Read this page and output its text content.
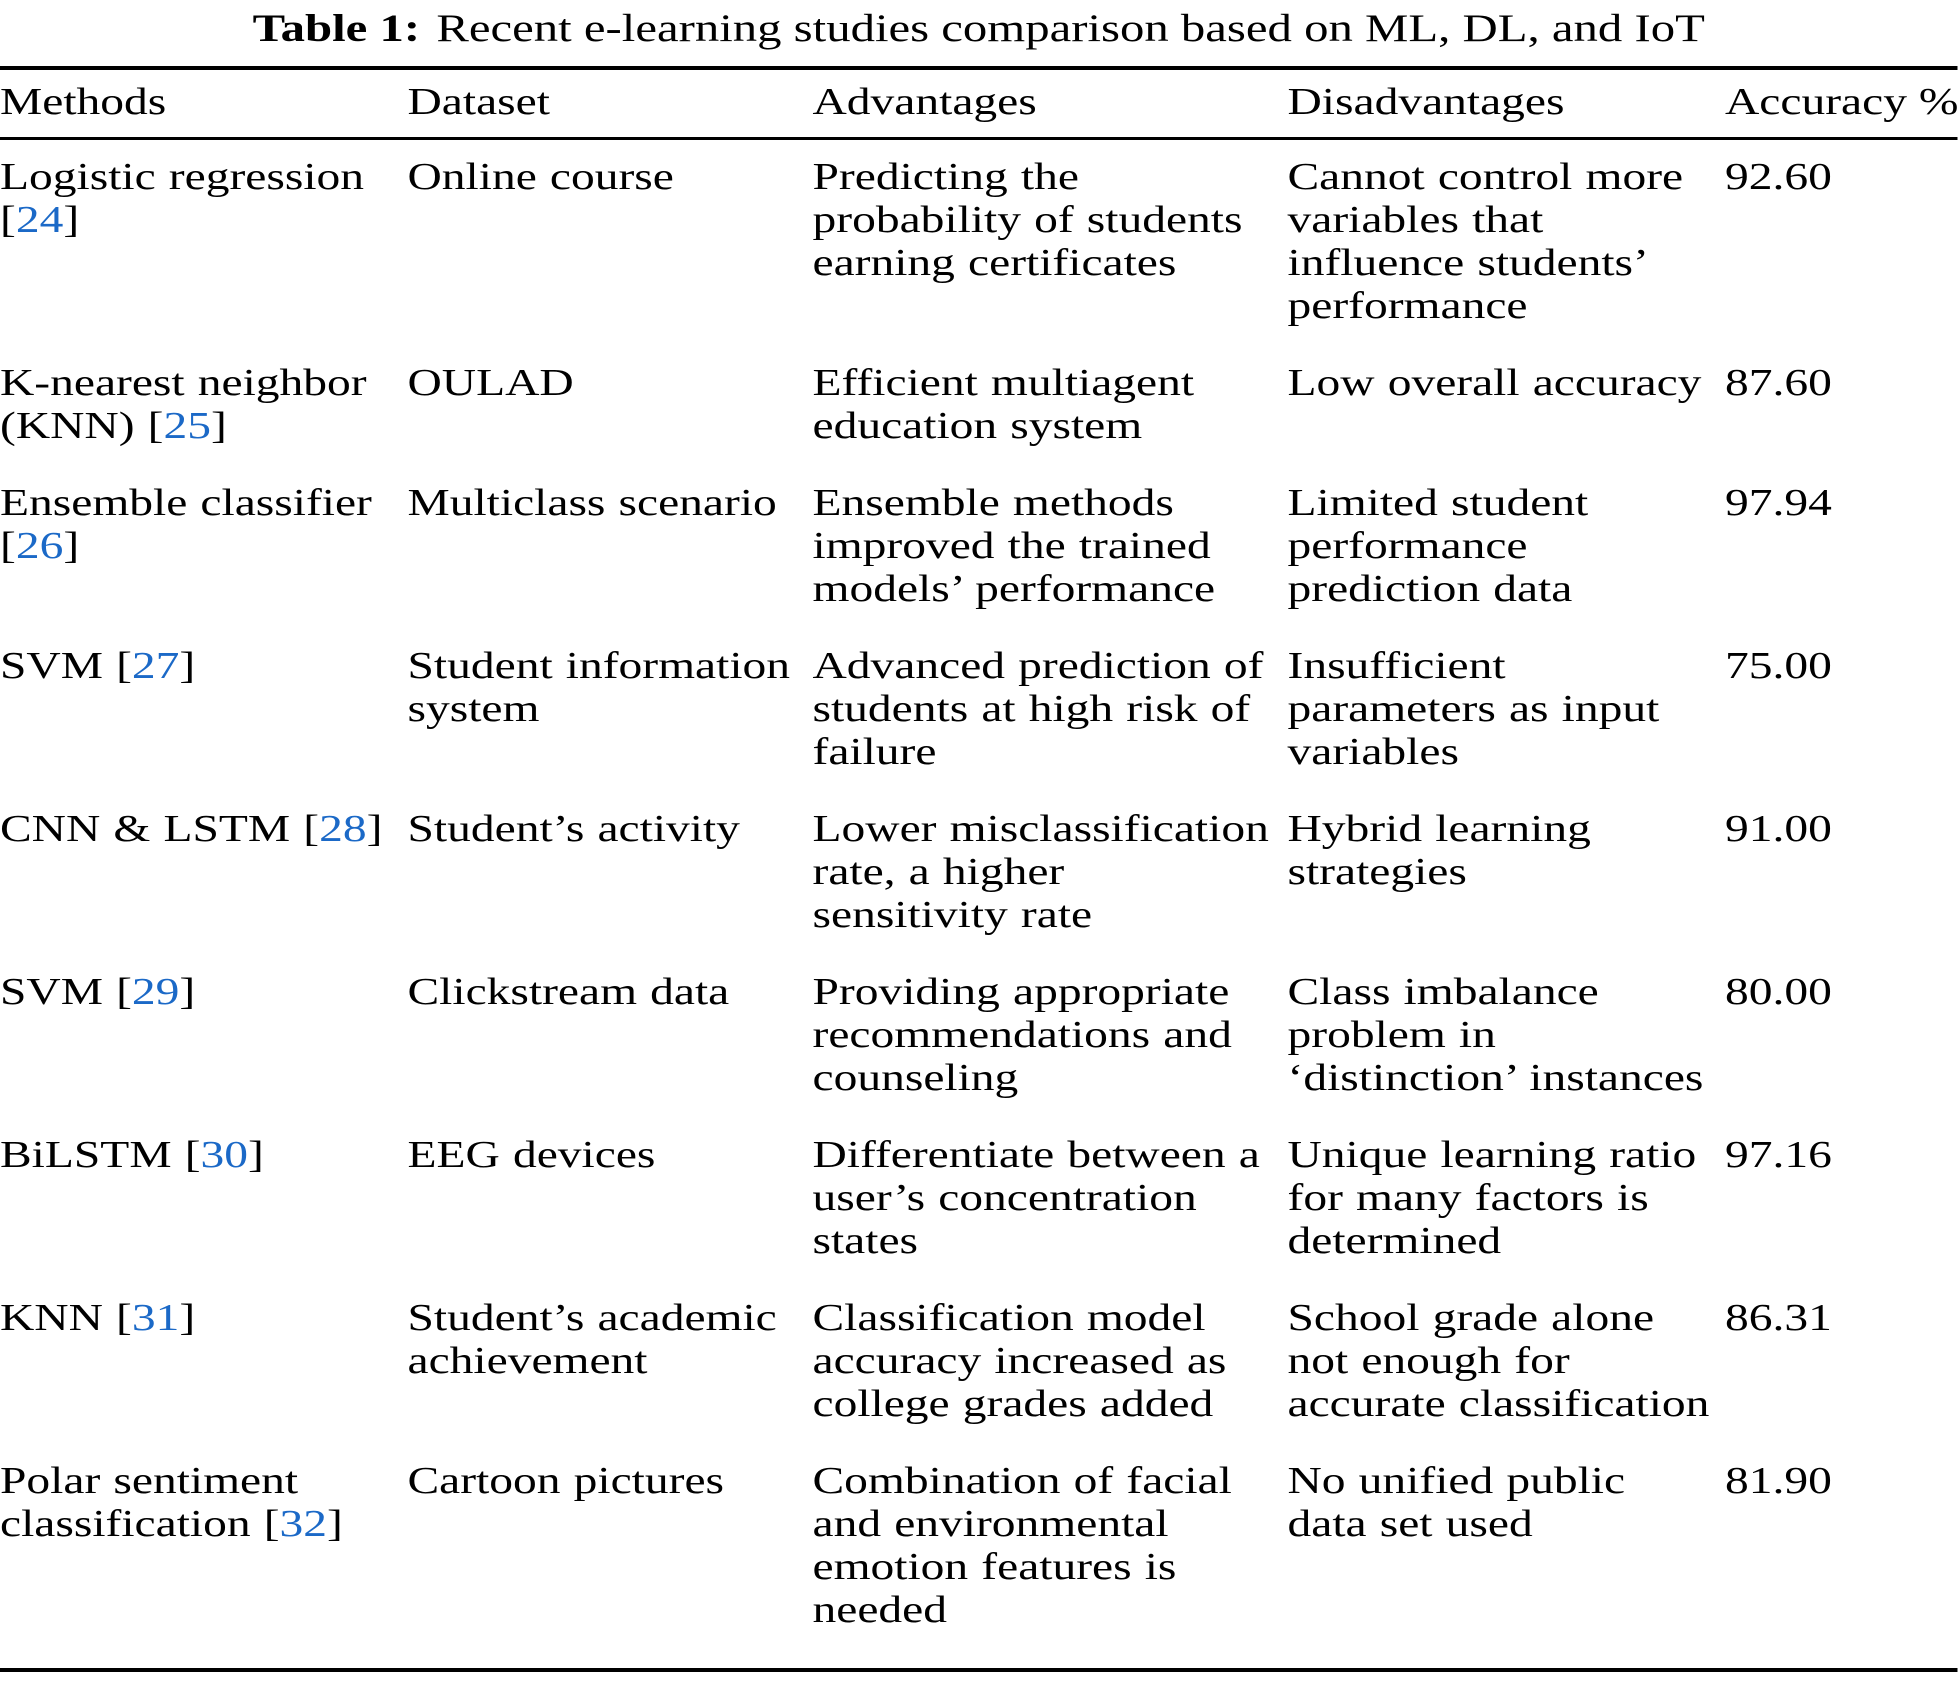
Table 1: Recent e-learning studies comparison based on ML, DL, and IoT
Methods	Dataset	Advantages	Disadvantages	Accuracy %
Logistic regression [24]	Online course	Predicting the probability of students earning certificates	Cannot control more variables that influence students’ performance	92.60
K-nearest neighbor (KNN) [25]	OULAD	Efficient multiagent education system	Low overall accuracy	87.60
Ensemble classifier [26]	Multiclass scenario	Ensemble methods improved the trained models’ performance	Limited student performance prediction data	97.94
SVM [27]	Student information system	Advanced prediction of students at high risk of failure	Insufficient parameters as input variables	75.00
CNN & LSTM [28]	Student’s activity	Lower misclassification rate, a higher sensitivity rate	Hybrid learning strategies	91.00
SVM [29]	Clickstream data	Providing appropriate recommendations and counseling	Class imbalance problem in ‘distinction’ instances	80.00
BiLSTM [30]	EEG devices	Differentiate between a user’s concentration states	Unique learning ratio for many factors is determined	97.16
KNN [31]	Student’s academic achievement	Classification model accuracy increased as college grades added	School grade alone not enough for accurate classification	86.31
Polar sentiment classification [32]	Cartoon pictures	Combination of facial and environmental emotion features is needed	No unified public data set used	81.90
